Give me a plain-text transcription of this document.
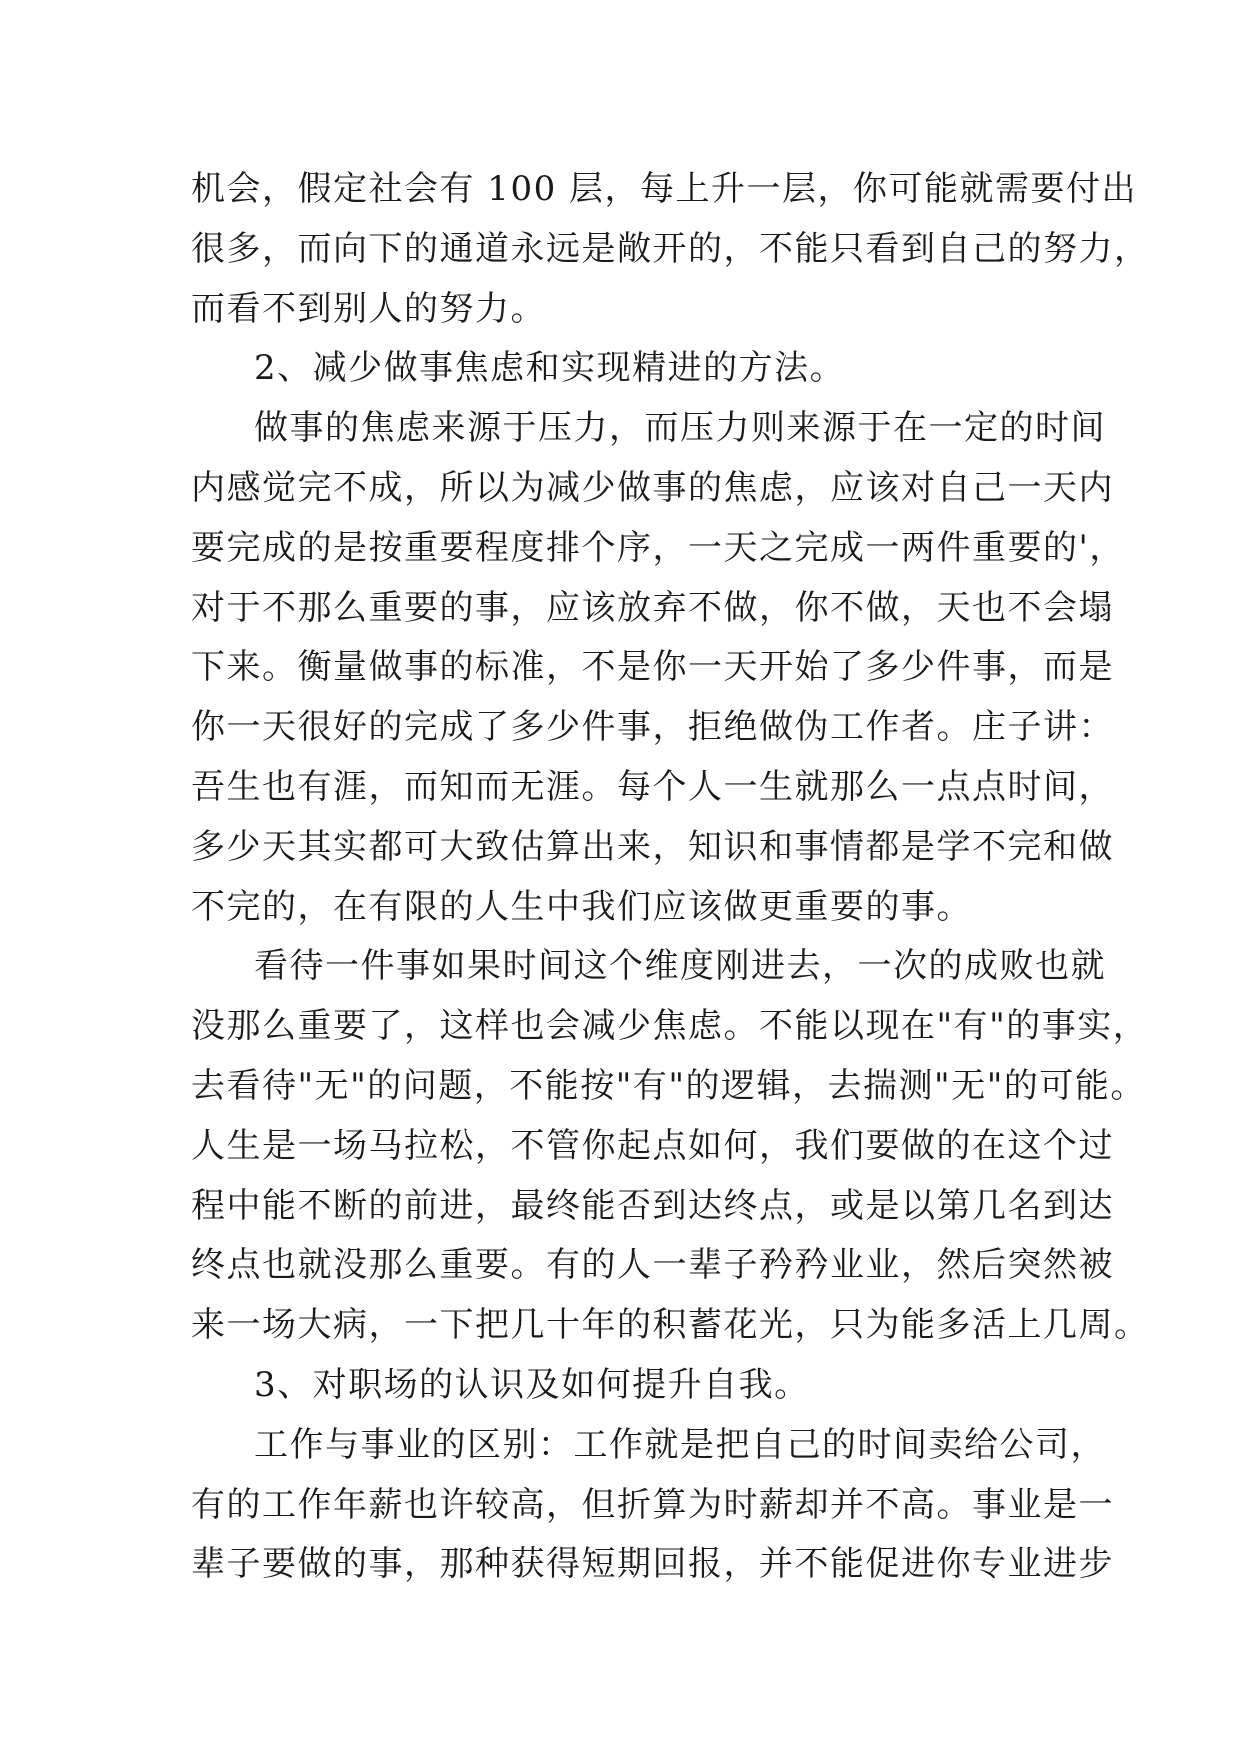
机会，假定社会有 100 层，每上升一层，你可能就需要付出
很多，而向下的通道永远是敞开的，不能只看到自己的努力，
而看不到别人的努力。
2、减少做事焦虑和实现精进的方法。
做事的焦虑来源于压力，而压力则来源于在一定的时间
内感觉完不成，所以为减少做事的焦虑，应该对自己一天内
要完成的是按重要程度排个序，一天之完成一两件重要的'，
对于不那么重要的事，应该放弃不做，你不做，天也不会塌
下来。衡量做事的标准，不是你一天开始了多少件事，而是
你一天很好的完成了多少件事，拒绝做伪工作者。庄子讲：
吾生也有涯，而知而无涯。每个人一生就那么一点点时间，
多少天其实都可大致估算出来，知识和事情都是学不完和做
不完的，在有限的人生中我们应该做更重要的事。
看待一件事如果时间这个维度刚进去，一次的成败也就
没那么重要了，这样也会减少焦虑。不能以现在"有"的事实，
去看待"无"的问题，不能按"有"的逻辑，去揣测"无"的可能。
人生是一场马拉松，不管你起点如何，我们要做的在这个过
程中能不断的前进，最终能否到达终点，或是以第几名到达
终点也就没那么重要。有的人一辈子矜矜业业，然后突然被
来一场大病，一下把几十年的积蓄花光，只为能多活上几周。
3、对职场的认识及如何提升自我。
工作与事业的区别：工作就是把自己的时间卖给公司，
有的工作年薪也许较高，但折算为时薪却并不高。事业是一
辈子要做的事，那种获得短期回报，并不能促进你专业进步
